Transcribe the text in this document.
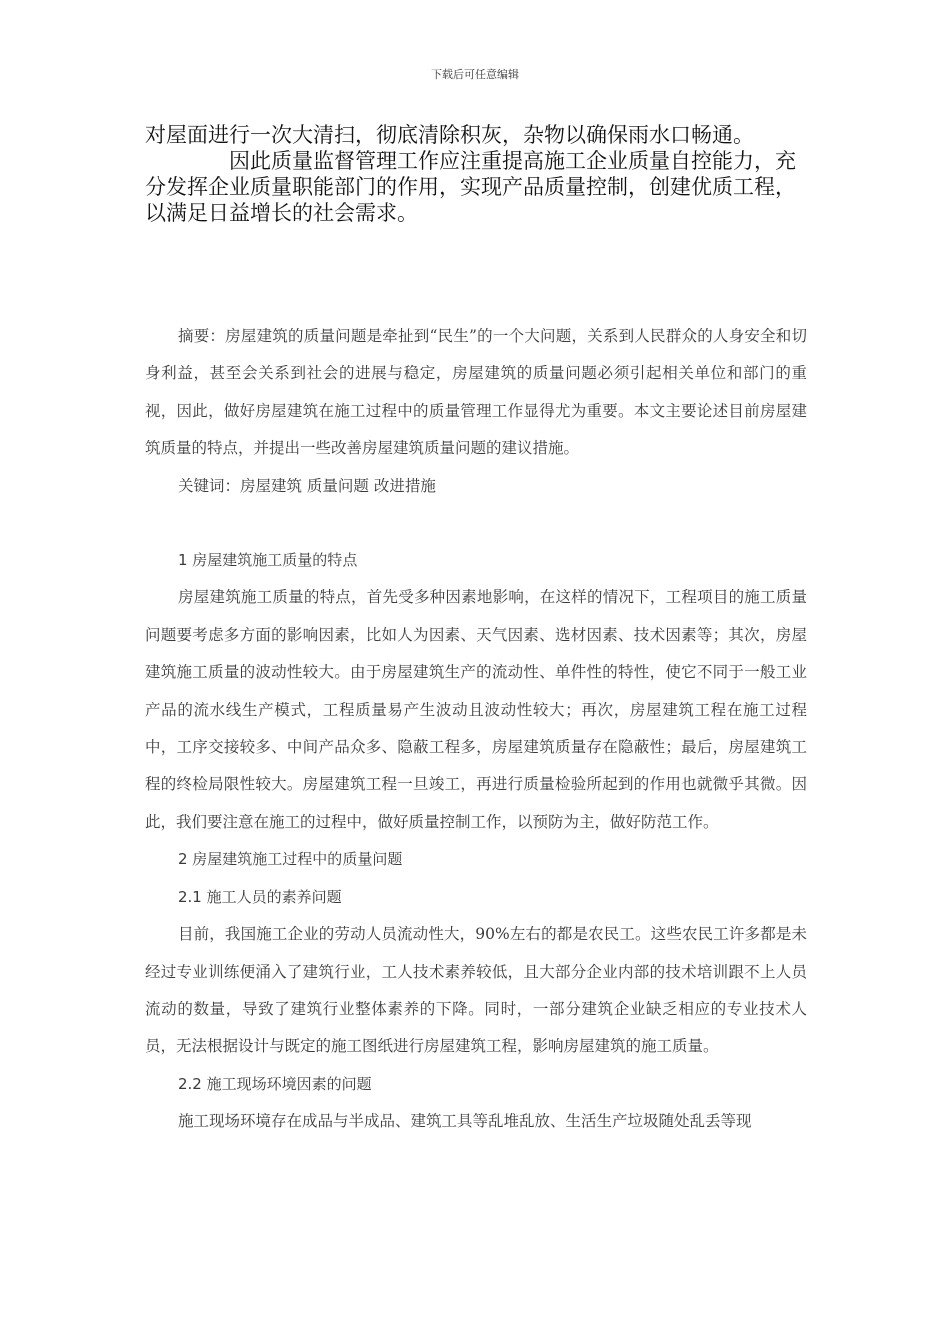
下载后可任意编辑

对屋面进行一次大清扫，彻底清除积灰，杂物以确保雨水口畅通。

因此质量监督管理工作应注重提高施工企业质量自控能力，充分发挥企业质量职能部门的作用，实现产品质量控制，创建优质工程，以满足日益增长的社会需求。

摘要：房屋建筑的质量问题是牵扯到“民生”的一个大问题，关系到人民群众的人身安全和切身利益，甚至会关系到社会的进展与稳定，房屋建筑的质量问题必须引起相关单位和部门的重视，因此，做好房屋建筑在施工过程中的质量管理工作显得尤为重要。本文主要论述目前房屋建筑质量的特点，并提出一些改善房屋建筑质量问题的建议措施。

关键词：房屋建筑 质量问题 改进措施

1 房屋建筑施工质量的特点

房屋建筑施工质量的特点，首先受多种因素地影响，在这样的情况下，工程项目的施工质量问题要考虑多方面的影响因素，比如人为因素、天气因素、选材因素、技术因素等；其次，房屋建筑施工质量的波动性较大。由于房屋建筑生产的流动性、单件性的特性，使它不同于一般工业产品的流水线生产模式，工程质量易产生波动且波动性较大；再次，房屋建筑工程在施工过程中，工序交接较多、中间产品众多、隐蔽工程多，房屋建筑质量存在隐蔽性；最后，房屋建筑工程的终检局限性较大。房屋建筑工程一旦竣工，再进行质量检验所起到的作用也就微乎其微。因此，我们要注意在施工的过程中，做好质量控制工作，以预防为主，做好防范工作。

2 房屋建筑施工过程中的质量问题

2.1 施工人员的素养问题

目前，我国施工企业的劳动人员流动性大，90%左右的都是农民工。这些农民工许多都是未经过专业训练便涌入了建筑行业，工人技术素养较低，且大部分企业内部的技术培训跟不上人员流动的数量，导致了建筑行业整体素养的下降。同时，一部分建筑企业缺乏相应的专业技术人员，无法根据设计与既定的施工图纸进行房屋建筑工程，影响房屋建筑的施工质量。

2.2 施工现场环境因素的问题

施工现场环境存在成品与半成品、建筑工具等乱堆乱放、生活生产垃圾随处乱丢等现
